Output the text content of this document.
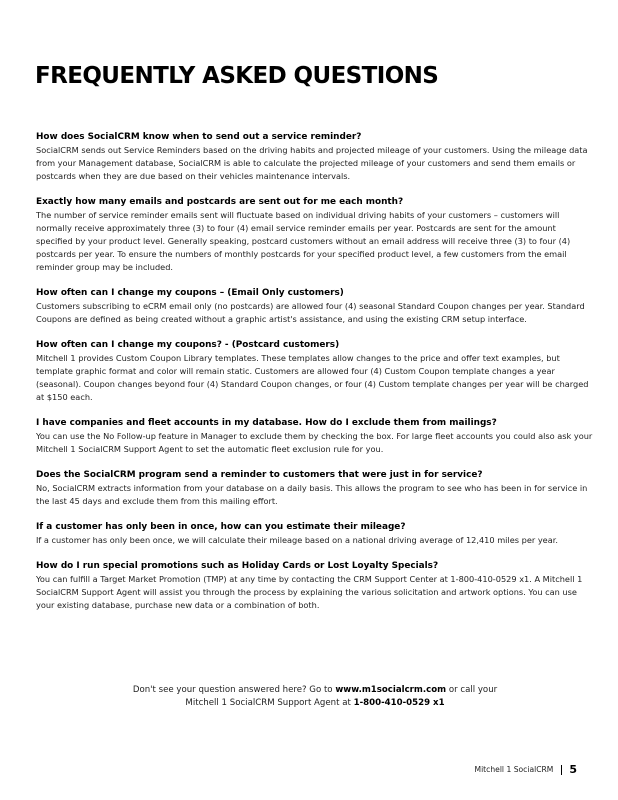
FREQUENTLY ASKED QUESTIONS

How does SocialCRM know when to send out a service reminder?

SocialCRM sends out Service Reminders based on the driving habits and projected mileage of your customers. Using the mileage data from your Management database, SocialCRM is able to calculate the projected mileage of your customers and send them emails or postcards when they are due based on their vehicles maintenance intervals.

Exactly how many emails and postcards are sent out for me each month?

The number of service reminder emails sent will fluctuate based on individual driving habits of your customers – customers will normally receive approximately three (3) to four (4) email service reminder emails per year. Postcards are sent for the amount specified by your product level. Generally speaking, postcard customers without an email address will receive three (3) to four (4) postcards per year. To ensure the numbers of monthly postcards for your specified product level, a few customers from the email reminder group may be included.

How often can I change my coupons – (Email Only customers)

Customers subscribing to eCRM email only (no postcards) are allowed four (4) seasonal Standard Coupon changes per year. Standard Coupons are defined as being created without a graphic artist's assistance, and using the existing CRM setup interface.

How often can I change my coupons? - (Postcard customers)

Mitchell 1 provides Custom Coupon Library templates. These templates allow changes to the price and offer text examples, but template graphic format and color will remain static. Customers are allowed four (4) Custom Coupon template changes a year (seasonal). Coupon changes beyond four (4) Standard Coupon changes, or four (4) Custom template changes per year will be charged at $150 each.

I have companies and fleet accounts in my database. How do I exclude them from mailings?

You can use the No Follow-up feature in Manager to exclude them by checking the box. For large fleet accounts you could also ask your Mitchell 1 SocialCRM Support Agent to set the automatic fleet exclusion rule for you.

Does the SocialCRM program send a reminder to customers that were just in for service?

No, SocialCRM extracts information from your database on a daily basis. This allows the program to see who has been in for service in the last 45 days and exclude them from this mailing effort.

If a customer has only been in once, how can you estimate their mileage?

If a customer has only been once, we will calculate their mileage based on a national driving average of 12,410 miles per year.

How do I run special promotions such as Holiday Cards or Lost Loyalty Specials?

You can fulfill a Target Market Promotion (TMP) at any time by contacting the CRM Support Center at 1-800-410-0529 x1. A Mitchell 1 SocialCRM Support Agent will assist you through the process by explaining the various solicitation and artwork options. You can use your existing database, purchase new data or a combination of both.

Don't see your question answered here? Go to www.m1socialcrm.com or call your
Mitchell 1 SocialCRM Support Agent at 1-800-410-0529 x1
Mitchell 1 SocialCRM 5
